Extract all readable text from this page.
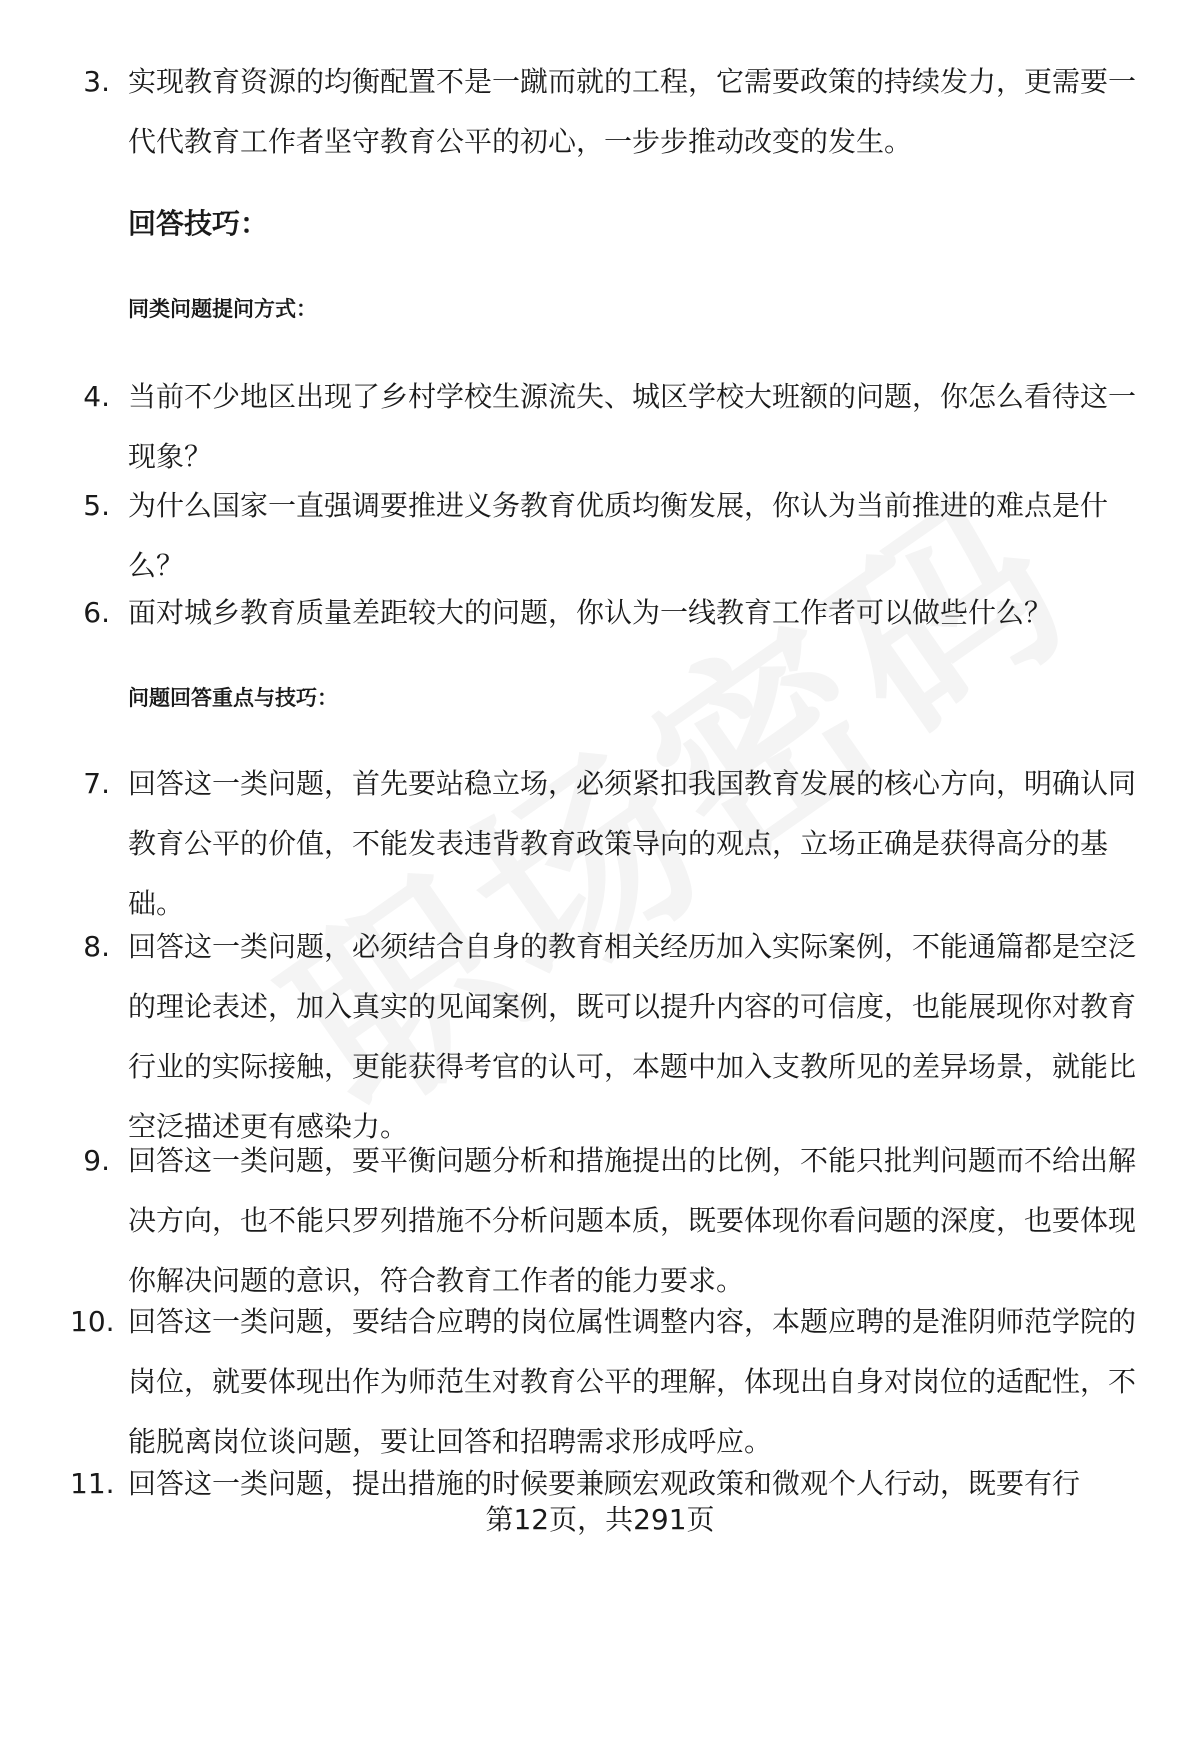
3. 实现教育资源的均衡配置不是一蹴而就的工程，它需要政策的持续发力，更需要一代代教育工作者坚守教育公平的初心，一步步推动改变的发生。
回答技巧：
同类问题提问方式：
4. 当前不少地区出现了乡村学校生源流失、城区学校大班额的问题，你怎么看待这一现象？
5. 为什么国家一直强调要推进义务教育优质均衡发展，你认为当前推进的难点是什么？
6. 面对城乡教育质量差距较大的问题，你认为一线教育工作者可以做些什么？
问题回答重点与技巧：
7. 回答这一类问题，首先要站稳立场，必须紧扣我国教育发展的核心方向，明确认同教育公平的价值，不能发表违背教育政策导向的观点，立场正确是获得高分的基础。
8. 回答这一类问题，必须结合自身的教育相关经历加入实际案例，不能通篇都是空泛的理论表述，加入真实的见闻案例，既可以提升内容的可信度，也能展现你对教育行业的实际接触，更能获得考官的认可，本题中加入支教所见的差异场景，就能比空泛描述更有感染力。
9. 回答这一类问题，要平衡问题分析和措施提出的比例，不能只批判问题而不给出解决方向，也不能只罗列措施不分析问题本质，既要体现你看问题的深度，也要体现你解决问题的意识，符合教育工作者的能力要求。
10. 回答这一类问题，要结合应聘的岗位属性调整内容，本题应聘的是淮阴师范学院的岗位，就要体现出作为师范生对教育公平的理解，体现出自身对岗位的适配性，不能脱离岗位谈问题，要让回答和招聘需求形成呼应。
11. 回答这一类问题，提出措施的时候要兼顾宏观政策和微观个人行动，既要有行
第12页，共291页
